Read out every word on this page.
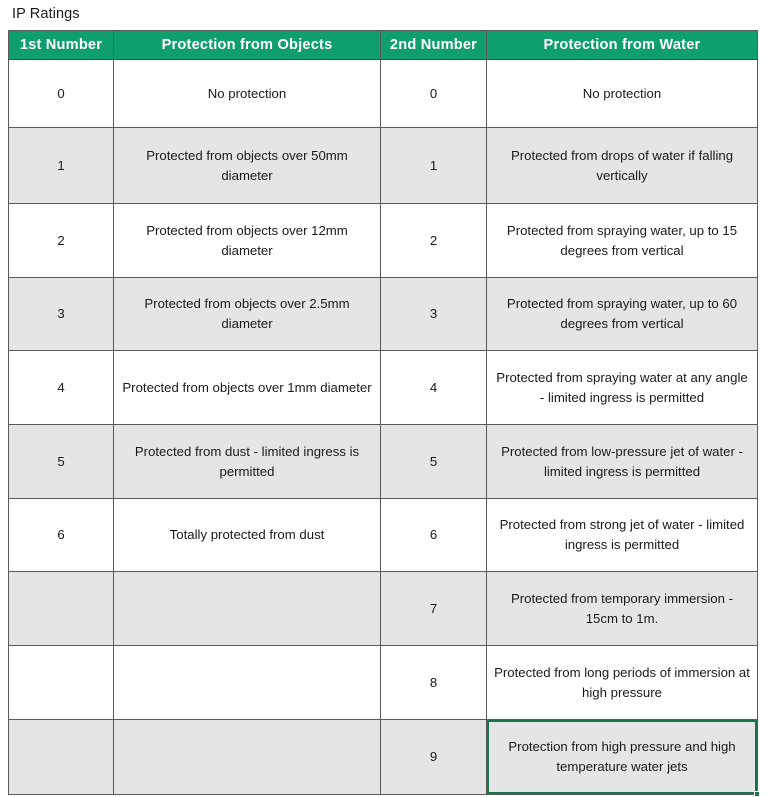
IP Ratings
1st Number	Protection from Objects	2nd Number	Protection from Water
0	No protection	0	No protection
1	Protected from objects over 50mm diameter	1	Protected from drops of water if falling vertically
2	Protected from objects over 12mm diameter	2	Protected from spraying water, up to 15 degrees from vertical
3	Protected from objects over 2.5mm diameter	3	Protected from spraying water, up to 60 degrees from vertical
4	Protected from objects over 1mm diameter	4	Protected from spraying water at any angle - limited ingress is permitted
5	Protected from dust - limited ingress is permitted	5	Protected from low-pressure jet of water - limited ingress is permitted
6	Totally protected from dust	6	Protected from strong jet of water - limited ingress is permitted
		7	Protected from temporary immersion - 15cm to 1m.
		8	Protected from long periods of immersion at high pressure
		9	Protection from high pressure and high temperature water jets
